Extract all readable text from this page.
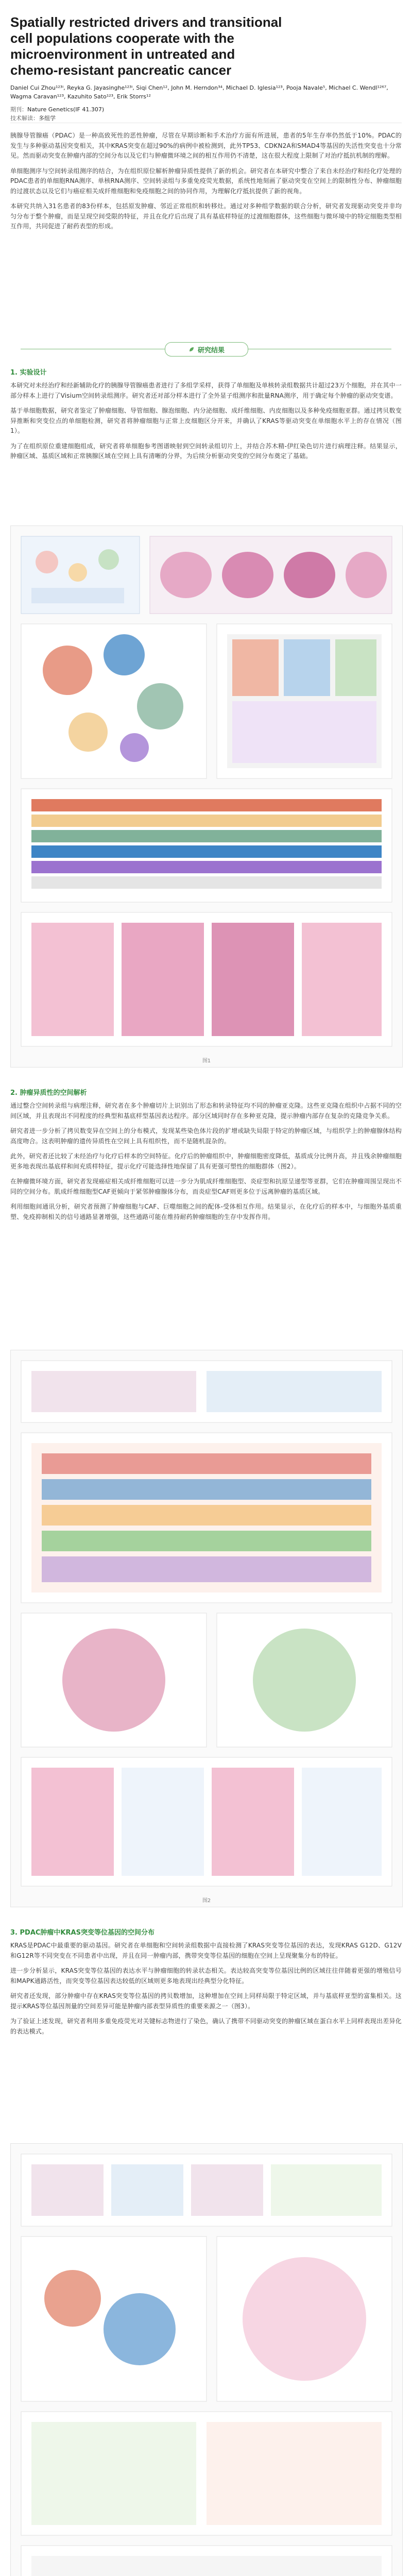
Spatially restricted drivers and transitional
cell populations cooperate with the
microenvironment in untreated and
chemo-resistant pancreatic cancer
Daniel Cui Zhou¹²³ⁱ, Reyka G. Jayasinghe¹²³ⁱ, Siqi Chen¹², John M. Herndon³⁴, Michael D. Iglesia¹²³, Pooja Navale⁵, Michael C. Wendl¹²⁶⁷, Wagma Caravan¹²³, Kazuhito Sato¹²³, Erik Storrs¹²
期刊：Nature Genetics(IF 41.307)
技术解读：多组学

胰腺导管腺癌（PDAC）是一种高致死性的恶性肿瘤，尽管在早期诊断和手术治疗方面有所进展，患者的5年生存率仍然低于10%。PDAC的发生与多种驱动基因突变相关，其中KRAS突变在超过90%的病例中被检测到，此外TP53、CDKN2A和SMAD4等基因的失活性突变也十分常见。然而驱动突变在肿瘤内部的空间分布以及它们与肿瘤微环境之间的相互作用仍不清楚，这在很大程度上限制了对治疗抵抗机制的理解。

单细胞测序与空间转录组测序的结合，为在组织原位解析肿瘤异质性提供了新的机会。研究者在本研究中整合了来自未经治疗和经化疗处理的PDAC患者的单细胞RNA测序、单核RNA测序、空间转录组与多重免疫荧光数据，系统性地刻画了驱动突变在空间上的限制性分布、肿瘤细胞的过渡状态以及它们与癌症相关成纤维细胞和免疫细胞之间的协同作用，为理解化疗抵抗提供了新的视角。

本研究共纳入31名患者的83份样本，包括原发肿瘤、邻近正常组织和转移灶。通过对多种组学数据的联合分析，研究者发现驱动突变并非均匀分布于整个肿瘤，而是呈现空间受限的特征，并且在化疗后出现了具有基底样特征的过渡细胞群体，这些细胞与微环境中的特定细胞类型相互作用，共同促进了耐药表型的形成。

研究结果
1. 实验设计

本研究对未经治疗和经新辅助化疗的胰腺导管腺癌患者进行了多组学采样，获得了单细胞及单核转录组数据共计超过23万个细胞，并在其中一部分样本上进行了Visium空间转录组测序。研究者还对部分样本进行了全外显子组测序和批量RNA测序，用于确定每个肿瘤的驱动突变谱。

基于单细胞数据，研究者鉴定了肿瘤细胞、导管细胞、腺泡细胞、内分泌细胞、成纤维细胞、内皮细胞以及多种免疫细胞亚群。通过拷贝数变异推断和突变位点的单细胞检测，研究者将肿瘤细胞与正常上皮细胞区分开来，并确认了KRAS等驱动突变在单细胞水平上的存在情况（图1）。

为了在组织原位重建细胞组成，研究者将单细胞参考图谱映射到空间转录组切片上，并结合苏木精-伊红染色切片进行病理注释。结果显示，肿瘤区域、基质区域和正常胰腺区域在空间上具有清晰的分界，为后续分析驱动突变的空间分布奠定了基础。

图1
2. 肿瘤异质性的空间解析

通过整合空间转录组与病理注释，研究者在多个肿瘤切片上识别出了形态和转录特征均不同的肿瘤亚克隆。这些亚克隆在组织中占据不同的空间区域，并且表现出不同程度的经典型和基底样型基因表达程序。部分区域同时存在多种亚克隆，提示肿瘤内部存在复杂的克隆竞争关系。

研究者进一步分析了拷贝数变异在空间上的分布模式，发现某些染色体片段的扩增或缺失局限于特定的肿瘤区域，与组织学上的肿瘤腺体结构高度吻合。这表明肿瘤的遗传异质性在空间上具有组织性，而不是随机混杂的。

此外，研究者还比较了未经治疗与化疗后样本的空间特征。化疗后的肿瘤组织中，肿瘤细胞密度降低，基质成分比例升高，并且残余肿瘤细胞更多地表现出基底样和间充质样特征，提示化疗可能选择性地保留了具有更强可塑性的细胞群体（图2）。

在肿瘤微环境方面，研究者发现癌症相关成纤维细胞可以进一步分为肌成纤维细胞型、炎症型和抗原呈递型等亚群，它们在肿瘤周围呈现出不同的空间分布。肌成纤维细胞型CAF更倾向于紧邻肿瘤腺体分布，而炎症型CAF则更多位于远离肿瘤的基质区域。

利用细胞间通讯分析，研究者预测了肿瘤细胞与CAF、巨噬细胞之间的配体-受体相互作用。结果显示，在化疗后的样本中，与细胞外基质重塑、免疫抑制相关的信号通路显著增强，这些通路可能在维持耐药肿瘤细胞的生存中发挥作用。

图2
3. PDAC肿瘤中KRAS突变等位基因的空间分布

KRAS是PDAC中最重要的驱动基因。研究者在单细胞和空间转录组数据中直接检测了KRAS突变等位基因的表达，发现KRAS G12D、G12V和G12R等不同突变在不同患者中出现，并且在同一肿瘤内部，携带突变等位基因的细胞在空间上呈现聚集分布的特征。

进一步分析显示，KRAS突变等位基因的表达水平与肿瘤细胞的转录状态相关。表达较高突变等位基因比例的区域往往伴随着更强的增殖信号和MAPK通路活性，而突变等位基因表达较低的区域则更多地表现出经典型分化特征。

研究者还发现，部分肿瘤中存在KRAS突变等位基因的拷贝数增加，这种增加在空间上同样局限于特定区域，并与基底样亚型的富集相关。这提示KRAS等位基因剂量的空间差异可能是肿瘤内部表型异质性的重要来源之一（图3）。

为了验证上述发现，研究者利用多重免疫荧光对关键标志物进行了染色，确认了携带不同驱动突变的肿瘤区域在蛋白水平上同样表现出差异化的表达模式。
